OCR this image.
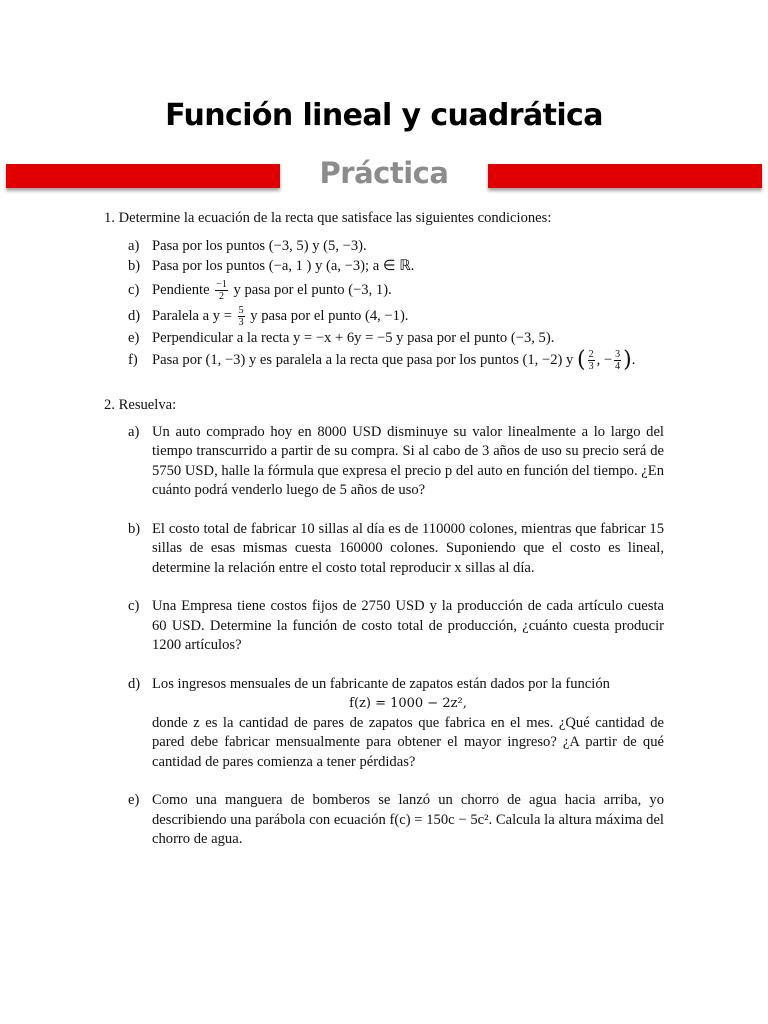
Función lineal y cuadrática
Práctica

1. Determine la ecuación de la recta que satisface las siguientes condiciones:

a) Pasa por los puntos (−3, 5) y (5, −3).
b) Pasa por los puntos (−a, 1 ) y (a, −3); a ∈ ℝ.
c) Pendiente $\frac{-1}{2}$ y pasa por el punto (−3, 1).
d) Paralela a $y = \frac{5}{3}$ y pasa por el punto (4, −1).
e) Perpendicular a la recta y = −x + 6y = −5 y pasa por el punto (−3, 5).
f) Pasa por (1, −3) y es paralela a la recta que pasa por los puntos (1, −2) y ( $\frac{2}{3}$ , − $\frac{3}{4}$ ).

2. Resuelva:

a) Un auto comprado hoy en 8000 USD disminuye su valor linealmente a lo largo del tiempo transcurrido a partir de su compra. Si al cabo de 3 años de uso su precio será de 5750 USD, halle la fórmula que expresa el precio p del auto en función del tiempo. ¿En cuánto podrá venderlo luego de 5 años de uso?
b) El costo total de fabricar 10 sillas al día es de 110000 colones, mientras que fabricar 15 sillas de esas mismas cuesta 160000 colones. Suponiendo que el costo es lineal, determine la relación entre el costo total reproducir x sillas al día.
c) Una Empresa tiene costos fijos de 2750 USD y la producción de cada artículo cuesta 60 USD. Determine la función de costo total de producción, ¿cuánto cuesta producir 1200 artículos?
d) Los ingresos mensuales de un fabricante de zapatos están dados por la función
f(z) = 1000 − 2z²,
donde z es la cantidad de pares de zapatos que fabrica en el mes. ¿Qué cantidad de pared debe fabricar mensualmente para obtener el mayor ingreso? ¿A partir de qué cantidad de pares comienza a tener pérdidas?
e) Como una manguera de bomberos se lanzó un chorro de agua hacia arriba, yo describiendo una parábola con ecuación f(c) = 150c − 5c². Calcula la altura máxima del chorro de agua.
